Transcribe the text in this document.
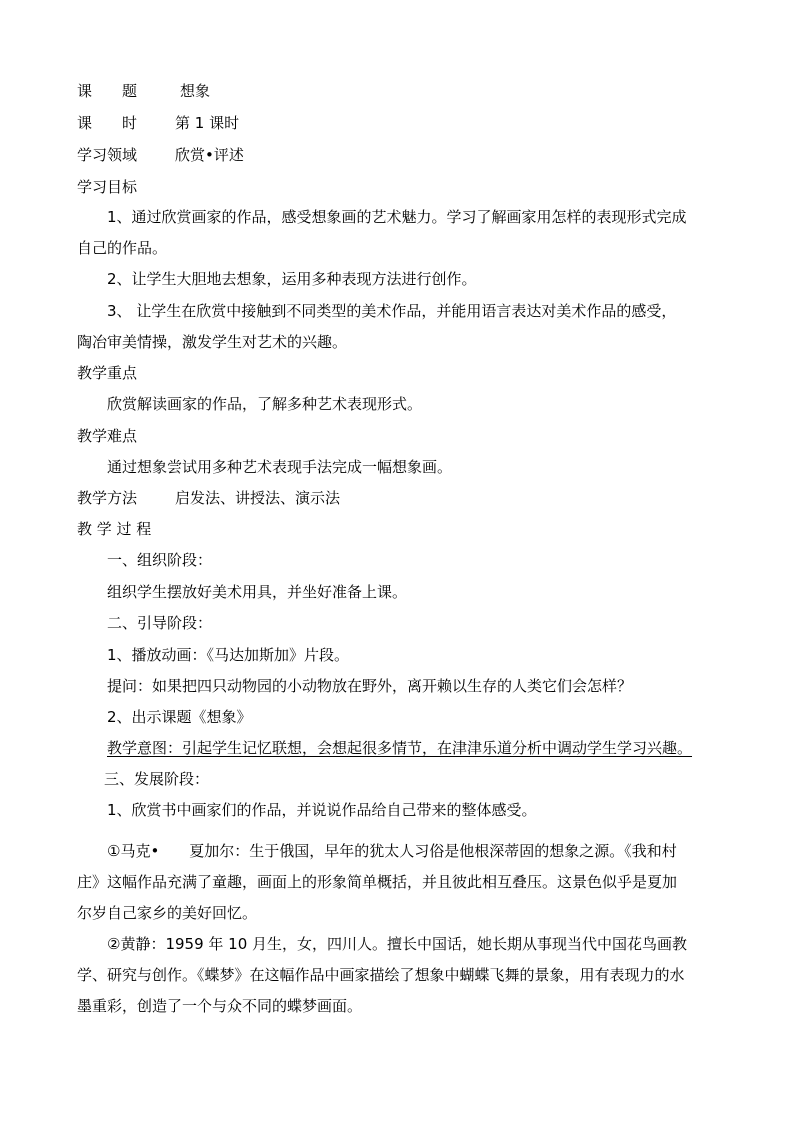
课　　题	想象
课　　时	第 1 课时
学习领域	欣赏•评述
学习目标
1、通过欣赏画家的作品，感受想象画的艺术魅力。学习了解画家用怎样的表现形式完成
自己的作品。
2、让学生大胆地去想象，运用多种表现方法进行创作。
3、 让学生在欣赏中接触到不同类型的美术作品，并能用语言表达对美术作品的感受，
陶冶审美情操，激发学生对艺术的兴趣。
教学重点
欣赏解读画家的作品，了解多种艺术表现形式。
教学难点
通过想象尝试用多种艺术表现手法完成一幅想象画。
教学方法	启发法、讲授法、演示法
教 学 过 程
一、组织阶段：
组织学生摆放好美术用具，并坐好准备上课。
二、引导阶段：
1、播放动画：《马达加斯加》片段。
提问：如果把四只动物园的小动物放在野外，离开赖以生存的人类它们会怎样？
2、出示课题《想象》
教学意图：引起学生记忆联想，会想起很多情节，在津津乐道分析中调动学生学习兴趣。
三、发展阶段：
1、欣赏书中画家们的作品，并说说作品给自己带来的整体感受。
①马克•　　夏加尔：生于俄国，早年的犹太人习俗是他根深蒂固的想象之源。《我和村
庄》这幅作品充满了童趣，画面上的形象简单概括，并且彼此相互叠压。这景色似乎是夏加
尔岁自己家乡的美好回忆。
②黄静：1959 年 10 月生，女，四川人。擅长中国话，她长期从事现当代中国花鸟画教
学、研究与创作。《蝶梦》在这幅作品中画家描绘了想象中蝴蝶飞舞的景象，用有表现力的水
墨重彩，创造了一个与众不同的蝶梦画面。
